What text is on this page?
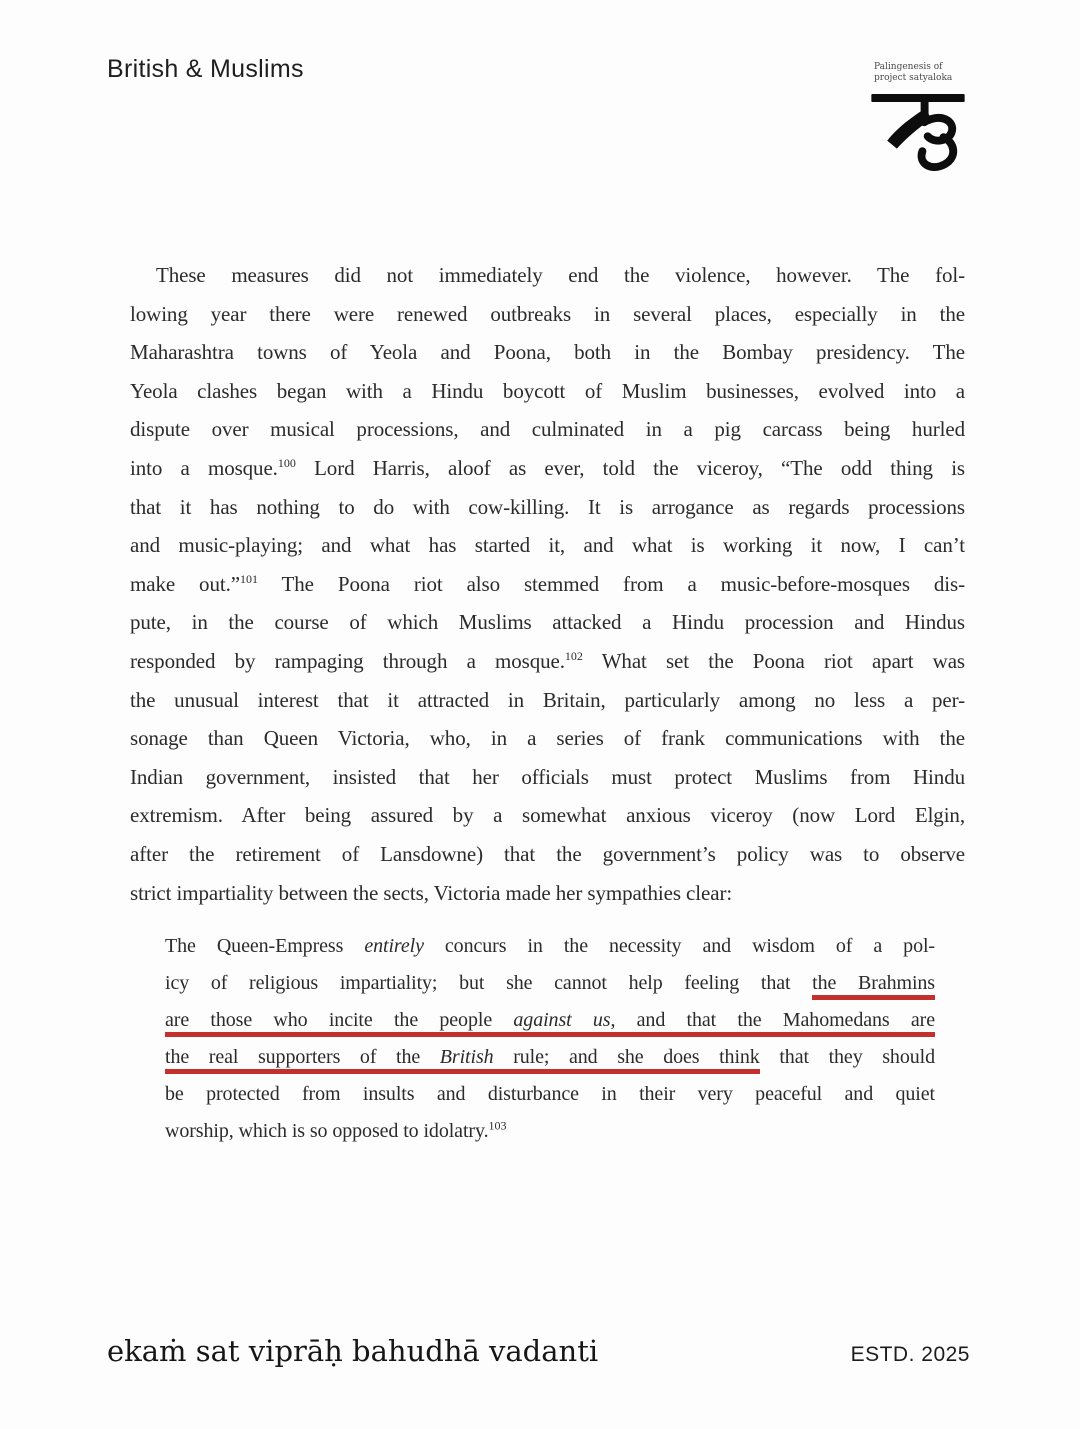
British & Muslims	Palingenesis of
project satyaloka
These measures did not immediately end the violence, however. The fol-
lowing year there were renewed outbreaks in several places, especially in the
Maharashtra towns of Yeola and Poona, both in the Bombay presidency. The
Yeola clashes began with a Hindu boycott of Muslim businesses, evolved into a
dispute over musical processions, and culminated in a pig carcass being hurled
into a mosque.$^{100}$ Lord Harris, aloof as ever, told the viceroy, “The odd thing is
that it has nothing to do with cow-killing. It is arrogance as regards processions
and music-playing; and what has started it, and what is working it now, I can’t
make out.”$^{101}$ The Poona riot also stemmed from a music-before-mosques dis-
pute, in the course of which Muslims attacked a Hindu procession and Hindus
responded by rampaging through a mosque.$^{102}$ What set the Poona riot apart was
the unusual interest that it attracted in Britain, particularly among no less a per-
sonage than Queen Victoria, who, in a series of frank communications with the
Indian government, insisted that her officials must protect Muslims from Hindu
extremism. After being assured by a somewhat anxious viceroy (now Lord Elgin,
after the retirement of Lansdowne) that the government’s policy was to observe
strict impartiality between the sects, Victoria made her sympathies clear:
The Queen-Empress entirely concurs in the necessity and wisdom of a pol-
icy of religious impartiality; but she cannot help feeling that the Brahmins
are those who incite the people against us, and that the Mahomedans are
the real supporters of the British rule; and she does think that they should
be protected from insults and disturbance in their very peaceful and quiet
worship, which is so opposed to idolatry.$^{103}$
ekaṁ sat viprāḥ bahudhā vadanti	ESTD. 2025
